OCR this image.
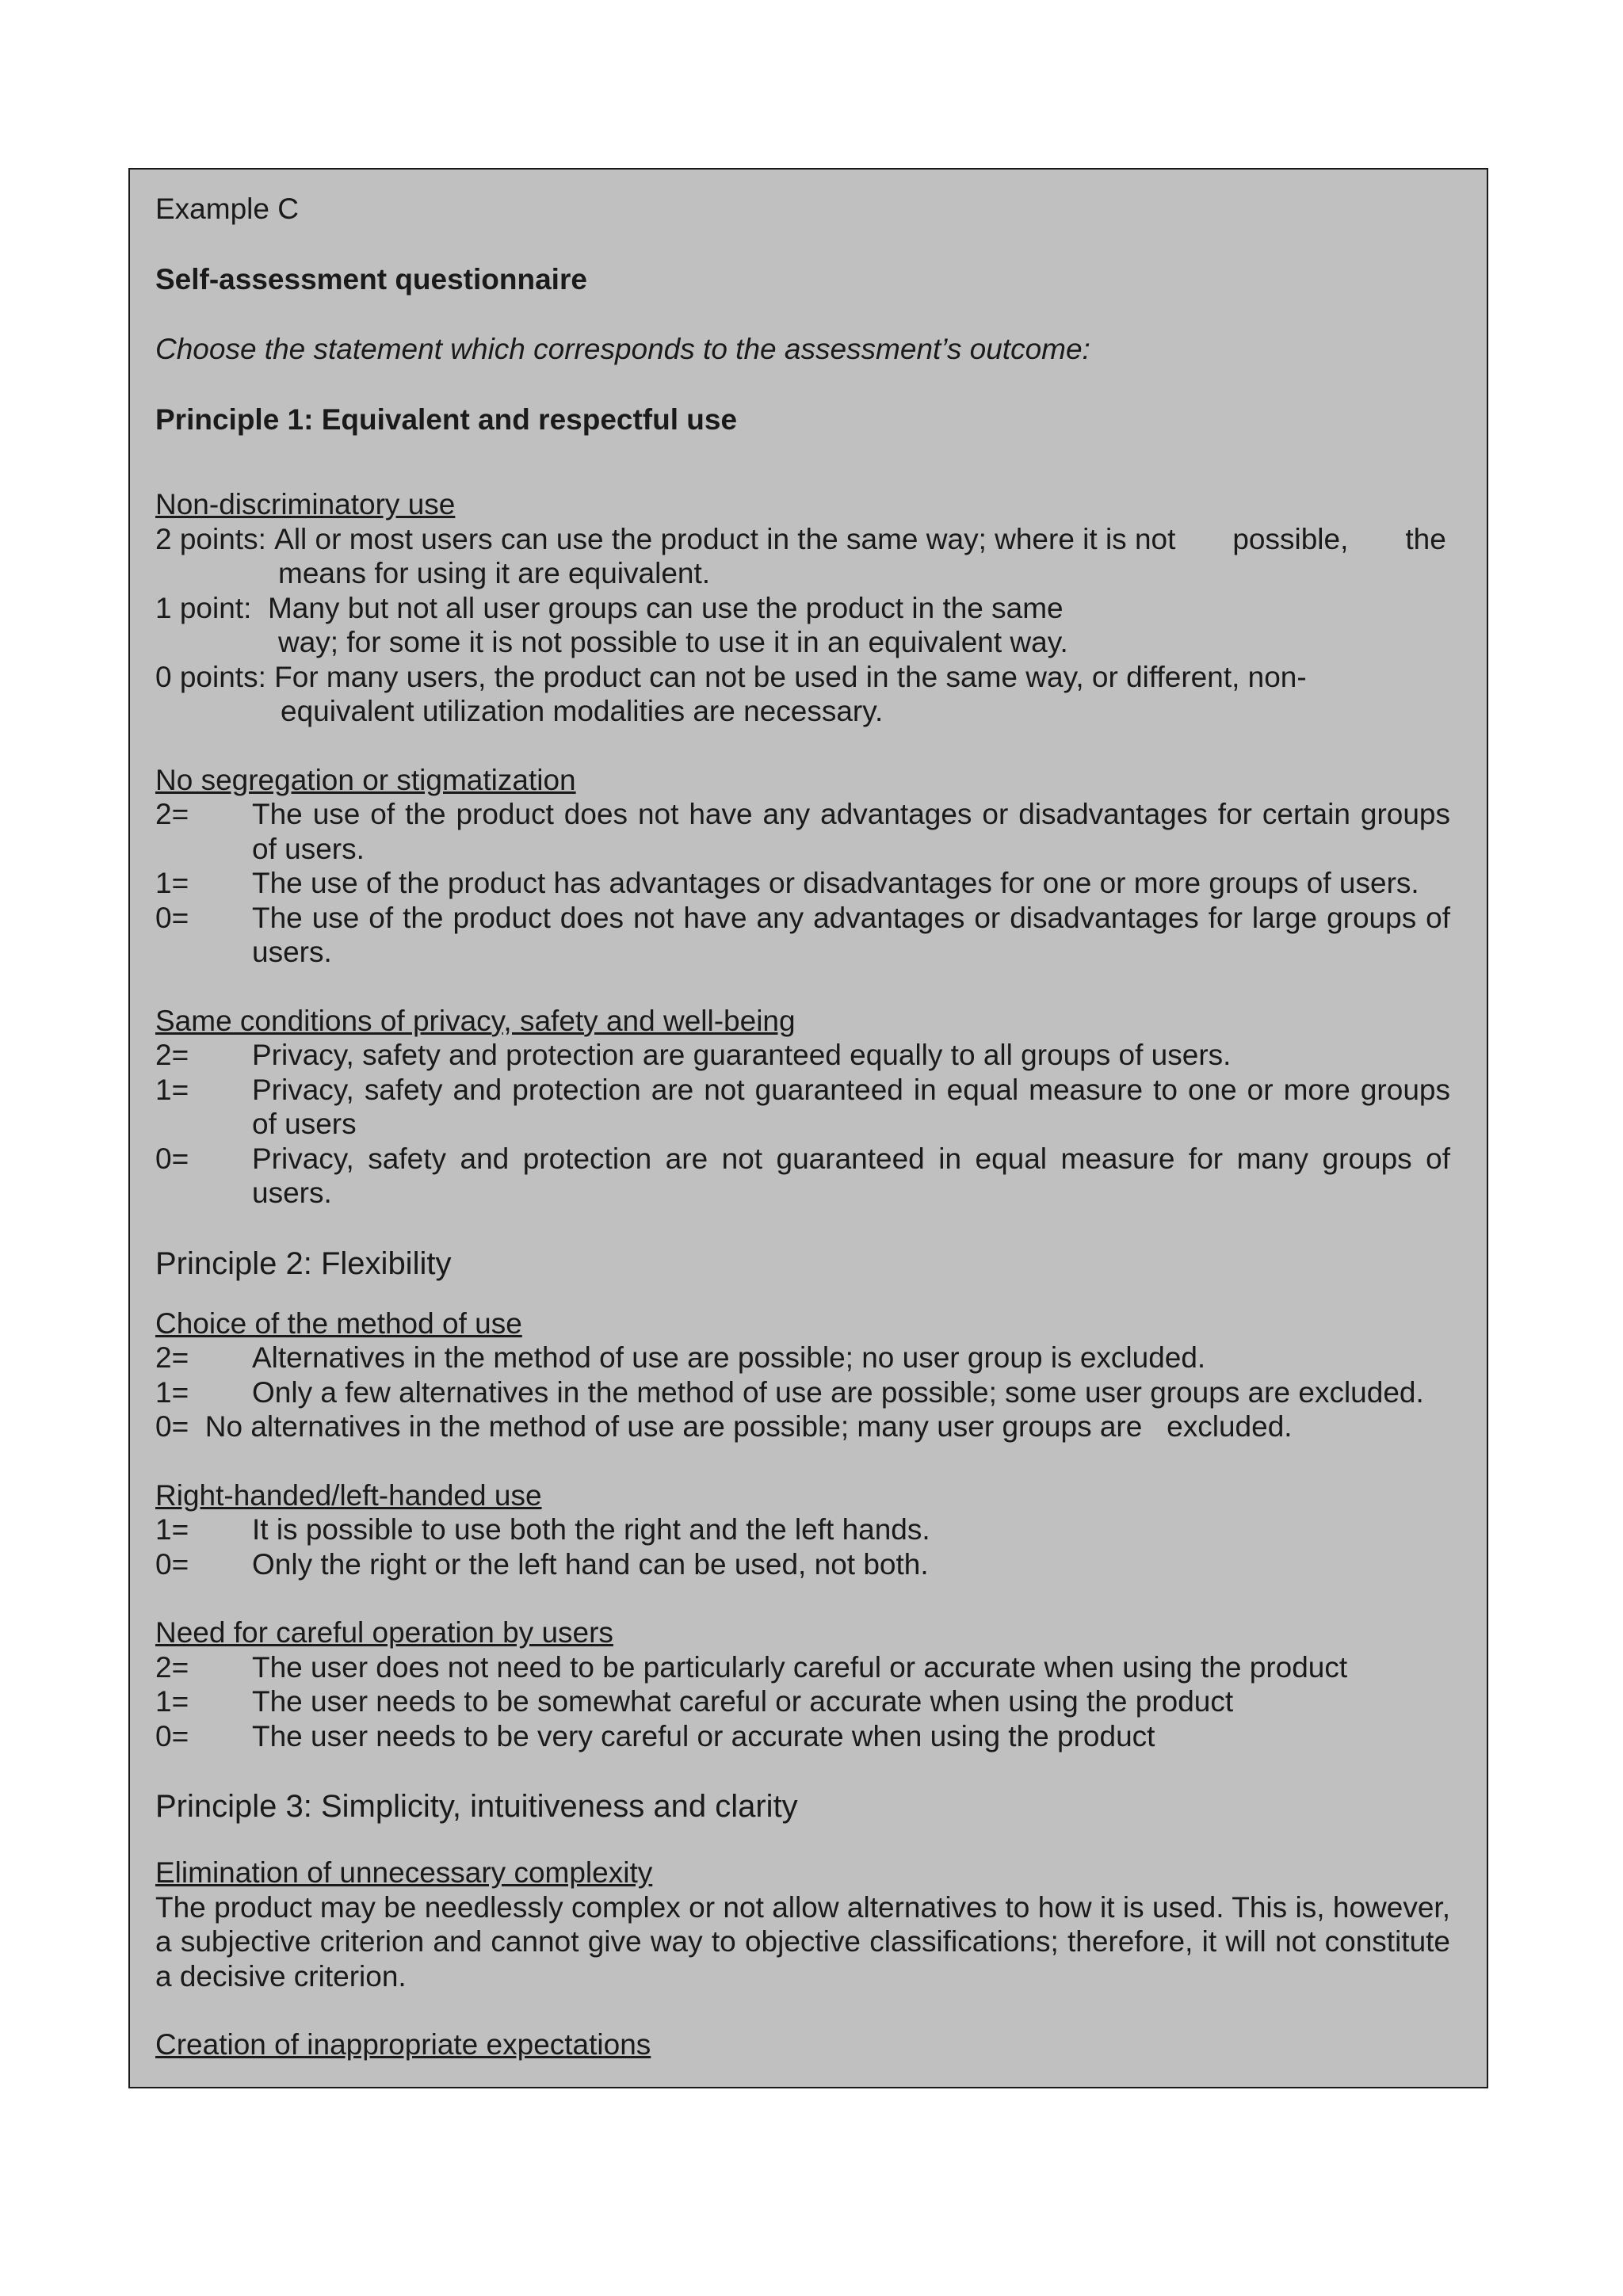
Example C

Self-assessment questionnaire

Choose the statement which corresponds to the assessment’s outcome:

Principle 1: Equivalent and respectful use

Non-discriminatory use

2 points: All or most users can use the product in the same way; where it is not       possible,       the

means for using it are equivalent.

1 point: Many but not all user groups can use the product in the same

way; for some it is not possible to use it in an equivalent way.

0 points: For many users, the product can not be used in the same way, or different, non-

equivalent utilization modalities are necessary.

No segregation or stigmatization

2=	The use of the product does not have any advantages or disadvantages for certain groups of users.
1=	The use of the product has advantages or disadvantages for one or more groups of users.
0=	The use of the product does not have any advantages or disadvantages for large groups of users.

Same conditions of privacy, safety and well-being

2=	Privacy, safety and protection are guaranteed equally to all groups of users.
1=	Privacy, safety and protection are not guaranteed in equal measure to one or more groups of users
0=	Privacy, safety and protection are not guaranteed in equal measure for many groups of users.

Principle 2: Flexibility

Choice of the method of use

2=	Alternatives in the method of use are possible; no user group is excluded.
1=	Only a few alternatives in the method of use are possible; some user groups are excluded.

0=  No alternatives in the method of use are possible; many user groups are   excluded.

Right-handed/left-handed use

1=	It is possible to use both the right and the left hands.
0=	Only the right or the left hand can be used, not both.

Need for careful operation by users

2=	The user does not need to be particularly careful or accurate when using the product
1=	The user needs to be somewhat careful or accurate when using the product
0=	The user needs to be very careful or accurate when using the product

Principle 3: Simplicity, intuitiveness and clarity

Elimination of unnecessary complexity

The product may be needlessly complex or not allow alternatives to how it is used. This is, however, a subjective criterion and cannot give way to objective classifications; therefore, it will not constitute a decisive criterion.

Creation of inappropriate expectations
